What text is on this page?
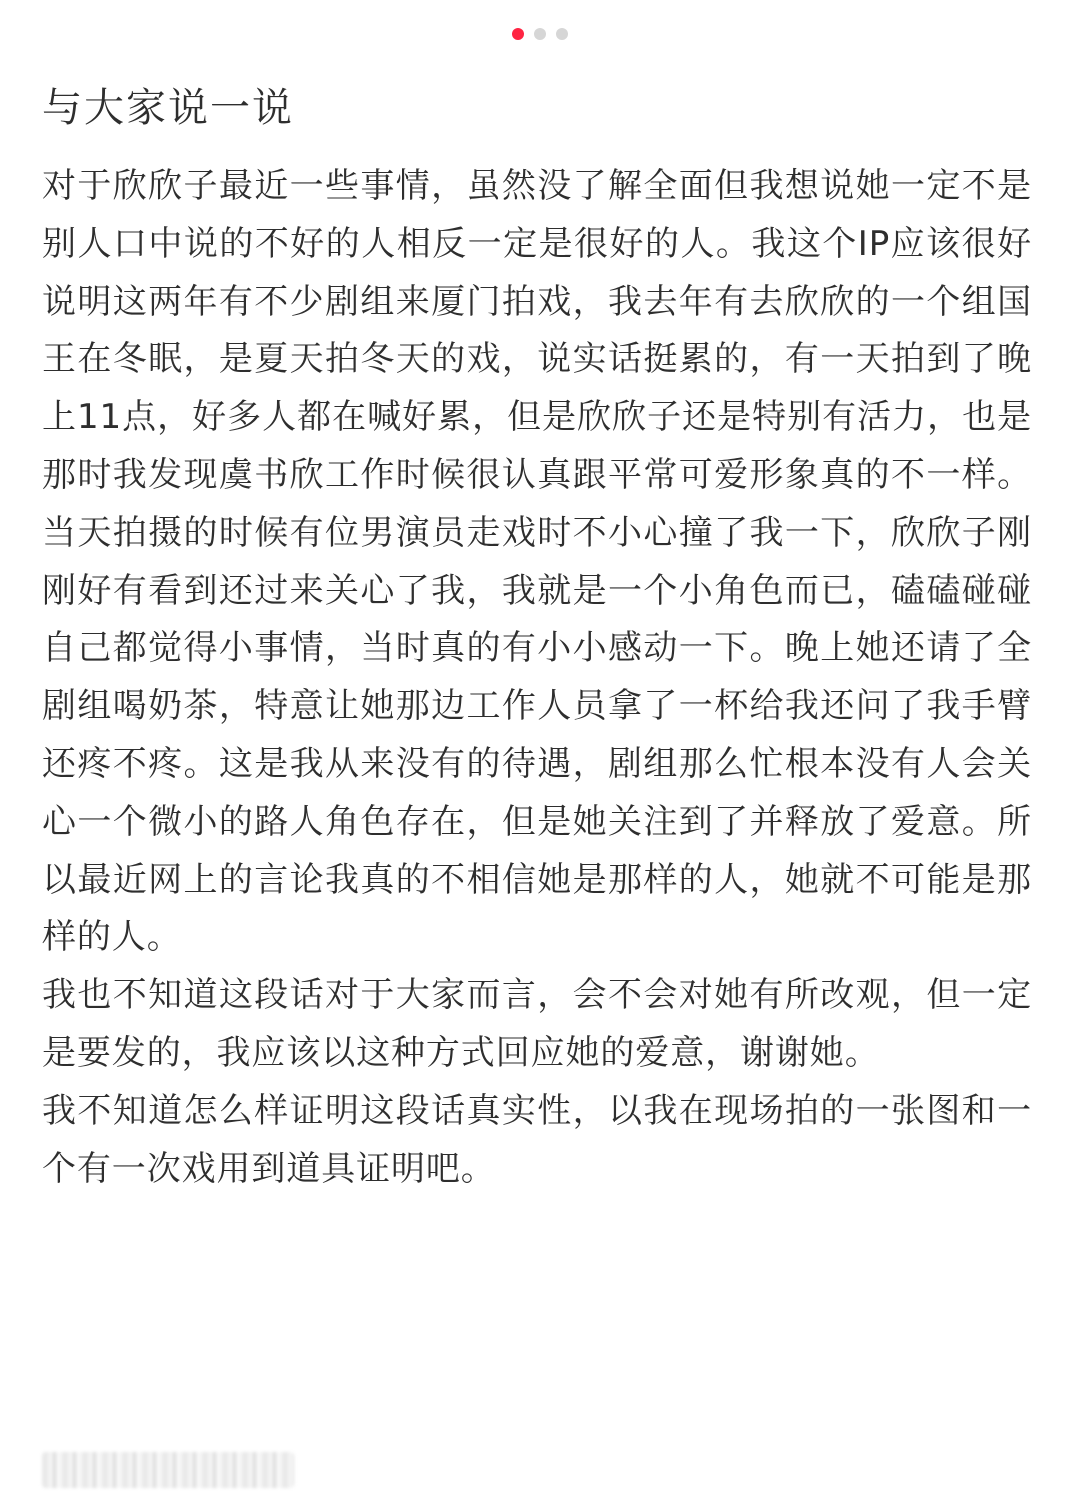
与大家说一说

对于欣欣子最近一些事情，虽然没了解全面但我想说她一定不是别人口中说的不好的人相反一定是很好的人。我这个IP应该很好说明这两年有不少剧组来厦门拍戏，我去年有去欣欣的一个组国王在冬眠，是夏天拍冬天的戏，说实话挺累的，有一天拍到了晚上11点，好多人都在喊好累，但是欣欣子还是特别有活力，也是那时我发现虞书欣工作时候很认真跟平常可爱形象真的不一样。当天拍摄的时候有位男演员走戏时不小心撞了我一下，欣欣子刚刚好有看到还过来关心了我，我就是一个小角色而已，磕磕碰碰自己都觉得小事情，当时真的有小小感动一下。晚上她还请了全剧组喝奶茶，特意让她那边工作人员拿了一杯给我还问了我手臂还疼不疼。这是我从来没有的待遇，剧组那么忙根本没有人会关心一个微小的路人角色存在，但是她关注到了并释放了爱意。所以最近网上的言论我真的不相信她是那样的人，她就不可能是那样的人。

我也不知道这段话对于大家而言，会不会对她有所改观，但一定是要发的，我应该以这种方式回应她的爱意，谢谢她。

我不知道怎么样证明这段话真实性，以我在现场拍的一张图和一个有一次戏用到道具证明吧。
